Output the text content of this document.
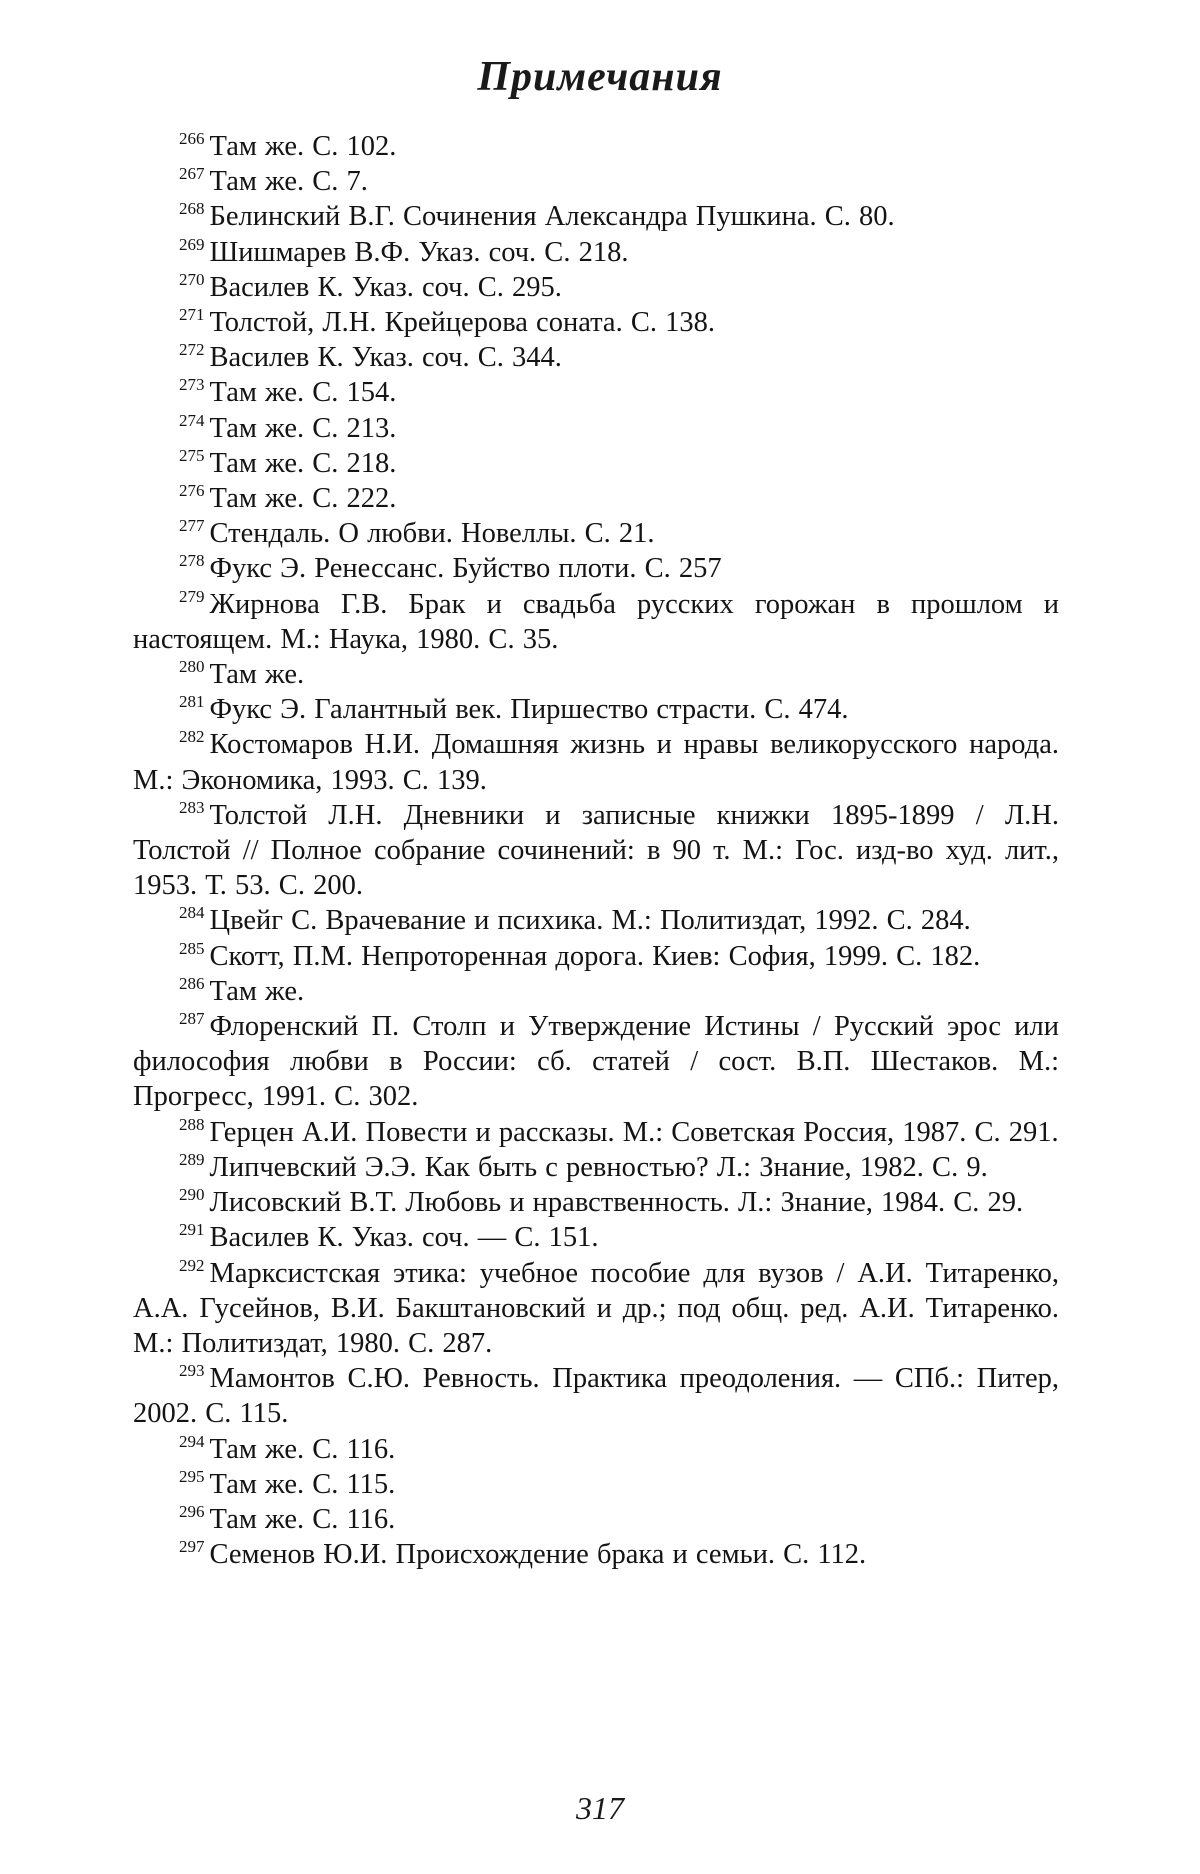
Примечания

$^{266}$ Там же. С. 102.

$^{267}$ Там же. С. 7.

$^{268}$ Белинский В.Г. Сочинения Александра Пушкина. С. 80.

$^{269}$ Шишмарев В.Ф. Указ. соч. С. 218.

$^{270}$ Василев К. Указ. соч. С. 295.

$^{271}$ Толстой, Л.Н. Крейцерова соната. С. 138.

$^{272}$ Василев К. Указ. соч. С. 344.

$^{273}$ Там же. С. 154.

$^{274}$ Там же. С. 213.

$^{275}$ Там же. С. 218.

$^{276}$ Там же. С. 222.

$^{277}$ Стендаль. О любви. Новеллы. С. 21.

$^{278}$ Фукс Э. Ренессанс. Буйство плоти. С. 257

$^{279}$ Жирнова Г.В. Брак и свадьба русских горожан в прошлом и настоящем. М.: Наука, 1980. С. 35.

$^{280}$ Там же.

$^{281}$ Фукс Э. Галантный век. Пиршество страсти. С. 474.

$^{282}$ Костомаров Н.И. Домашняя жизнь и нравы великорусского народа. М.: Экономика, 1993. С. 139.

$^{283}$ Толстой Л.Н. Дневники и записные книжки 1895-1899 / Л.Н. Толстой // Полное собрание сочинений: в 90 т. М.: Гос. изд-во худ. лит., 1953. Т. 53. С. 200.

$^{284}$ Цвейг С. Врачевание и психика. М.: Политиздат, 1992. С. 284.

$^{285}$ Скотт, П.М. Непротоpенная дорога. Киев: София, 1999. С. 182.

$^{286}$ Там же.

$^{287}$ Флоренский П. Столп и Утверждение Истины / Русский эрос или философия любви в России: сб. статей / сост. В.П. Шестаков. М.: Прогресс, 1991. С. 302.

$^{288}$ Герцен А.И. Повести и рассказы. М.: Советская Россия, 1987. С. 291.

$^{289}$ Липчевский Э.Э. Как быть с ревностью? Л.: Знание, 1982. С. 9.

$^{290}$ Лисовский В.Т. Любовь и нравственность. Л.: Знание, 1984. С. 29.

$^{291}$ Василев К. Указ. соч. — С. 151.

$^{292}$ Марксистская этика: учебное пособие для вузов / А.И. Титаренко, А.А. Гусейнов, В.И. Бакштановский и др.; под общ. ред. А.И. Титаренко. М.: Политиздат, 1980. С. 287.

$^{293}$ Мамонтов С.Ю. Ревность. Практика преодоления. — СПб.: Питер, 2002. С. 115.

$^{294}$ Там же. С. 116.

$^{295}$ Там же. С. 115.

$^{296}$ Там же. С. 116.

$^{297}$ Семенов Ю.И. Происхождение брака и семьи. С. 112.

317
